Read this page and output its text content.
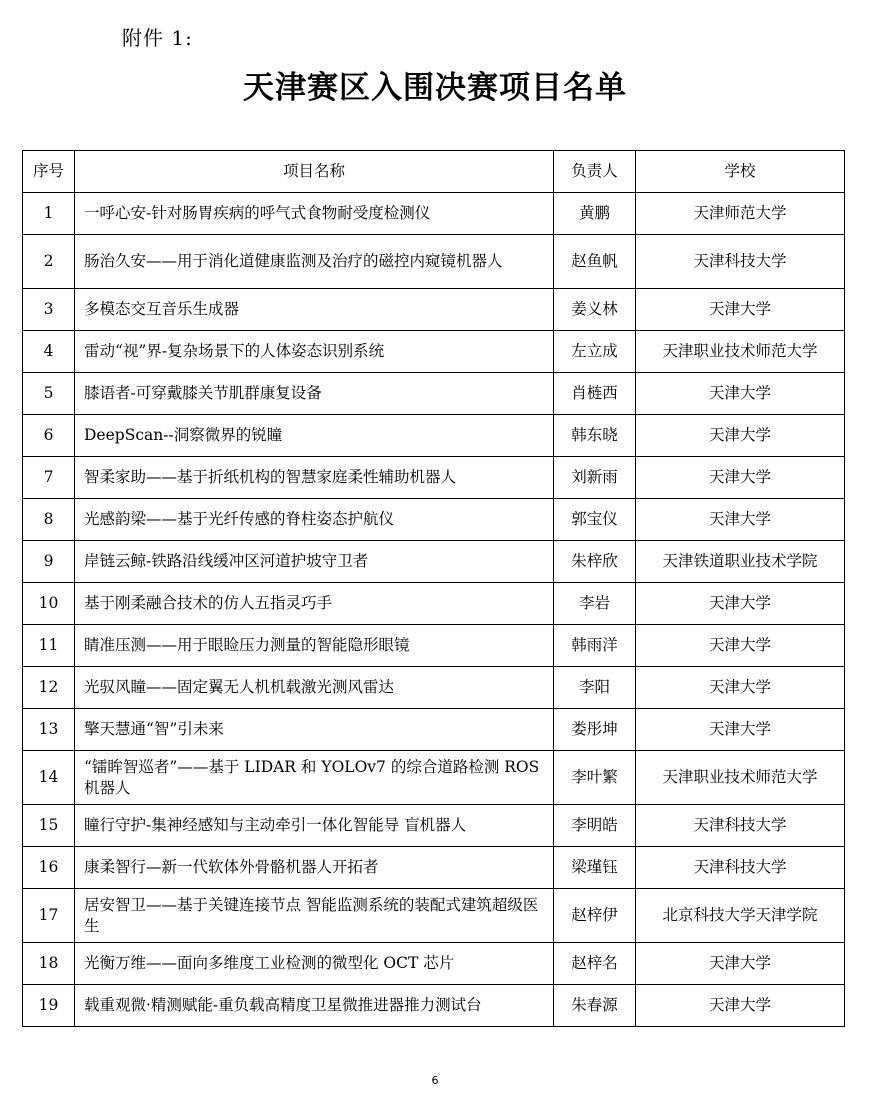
附件 1:
天津赛区入围决赛项目名单
序号	项目名称	负责人	学校
1	一呼心安-针对肠胃疾病的呼气式食物耐受度检测仪	黄鹏	天津师范大学
2	肠治久安——用于消化道健康监测及治疗的磁控内窥镜机器人	赵鱼帆	天津科技大学
3	多模态交互音乐生成器	姜义林	天津大学
4	雷动“视”界-复杂场景下的人体姿态识别系统	左立成	天津职业技术师范大学
5	膝语者-可穿戴膝关节肌群康复设备	肖梿西	天津大学
6	DeepScan--洞察微界的锐瞳	韩东晓	天津大学
7	智柔家助——基于折纸机构的智慧家庭柔性辅助机器人	刘新雨	天津大学
8	光感韵梁——基于光纤传感的脊柱姿态护航仪	郭宝仪	天津大学
9	岸链云鲸-铁路沿线缓冲区河道护坡守卫者	朱梓欣	天津铁道职业技术学院
10	基于刚柔融合技术的仿人五指灵巧手	李岩	天津大学
11	睛准压测——用于眼睑压力测量的智能隐形眼镜	韩雨洋	天津大学
12	光驭风瞳——固定翼无人机机载激光测风雷达	李阳	天津大学
13	擎天慧通“智”引未来	娄彤坤	天津大学
14	“镭眸智巡者”——基于 LIDAR 和 YOLOv7 的综合道路检测 ROS 机器人	李叶繁	天津职业技术师范大学
15	瞳行守护-集神经感知与主动牵引一体化智能导 盲机器人	李明皓	天津科技大学
16	康柔智行—新一代软体外骨骼机器人开拓者	梁瑾钰	天津科技大学
17	居安智卫——基于关键连接节点 智能监测系统的装配式建筑超级医生	赵梓伊	北京科技大学天津学院
18	光衡万维——面向多维度工业检测的微型化 OCT 芯片	赵梓名	天津大学
19	载重观微·精测赋能-重负载高精度卫星微推进器推力测试台	朱春源	天津大学
6
